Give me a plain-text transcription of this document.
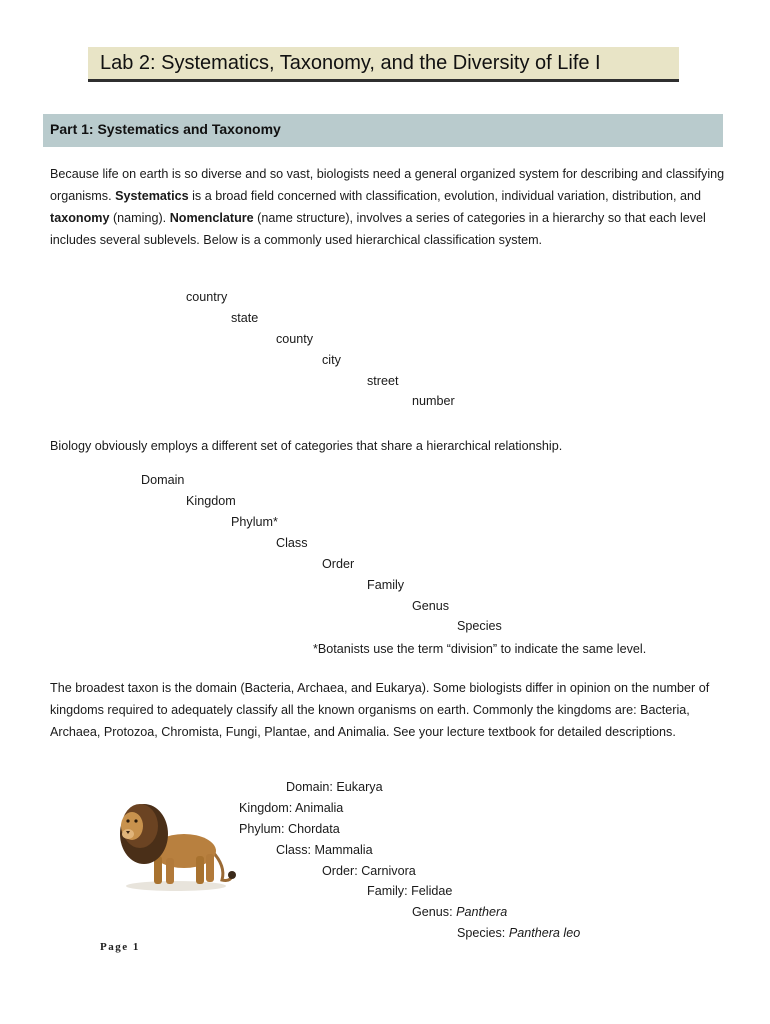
Lab 2: Systematics, Taxonomy, and the Diversity of Life I
Part 1: Systematics and Taxonomy
Because life on earth is so diverse and so vast, biologists need a general organized system for describing and classifying organisms. Systematics is a broad field concerned with classification, evolution, individual variation, distribution, and taxonomy (naming). Nomenclature (name structure), involves a series of categories in a hierarchy so that each level includes several sublevels. Below is a commonly used hierarchical classification system.
country
state
county
city
street
number
Biology obviously employs a different set of categories that share a hierarchical relationship.
Domain
Kingdom
Phylum*
Class
Order
Family
Genus
Species
*Botanists use the term “division” to indicate the same level.
The broadest taxon is the domain (Bacteria, Archaea, and Eukarya). Some biologists differ in opinion on the number of kingdoms required to adequately classify all the known organisms on earth. Commonly the kingdoms are: Bacteria, Archaea, Protozoa, Chromista, Fungi, Plantae, and Animalia. See your lecture textbook for detailed descriptions.
Domain: Eukarya
Kingdom: Animalia
Phylum: Chordata
Class: Mammalia
Order: Carnivora
Family: Felidae
Genus: Panthera
Species: Panthera leo
Page 1
